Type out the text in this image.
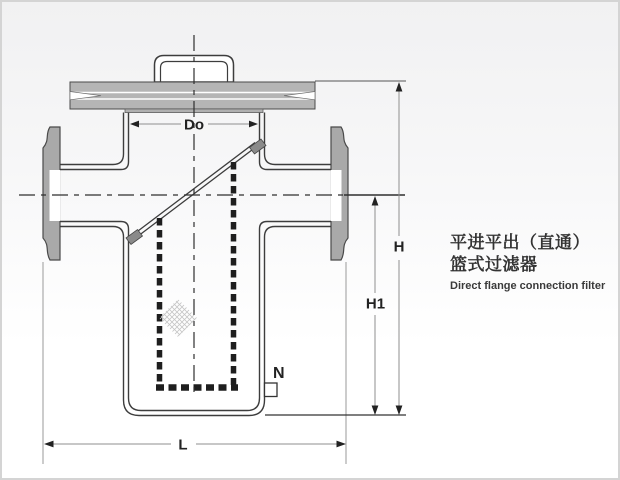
N
Do
H
H1
L
平进平出（直通）
篮式过滤器
Direct flange connection filter
